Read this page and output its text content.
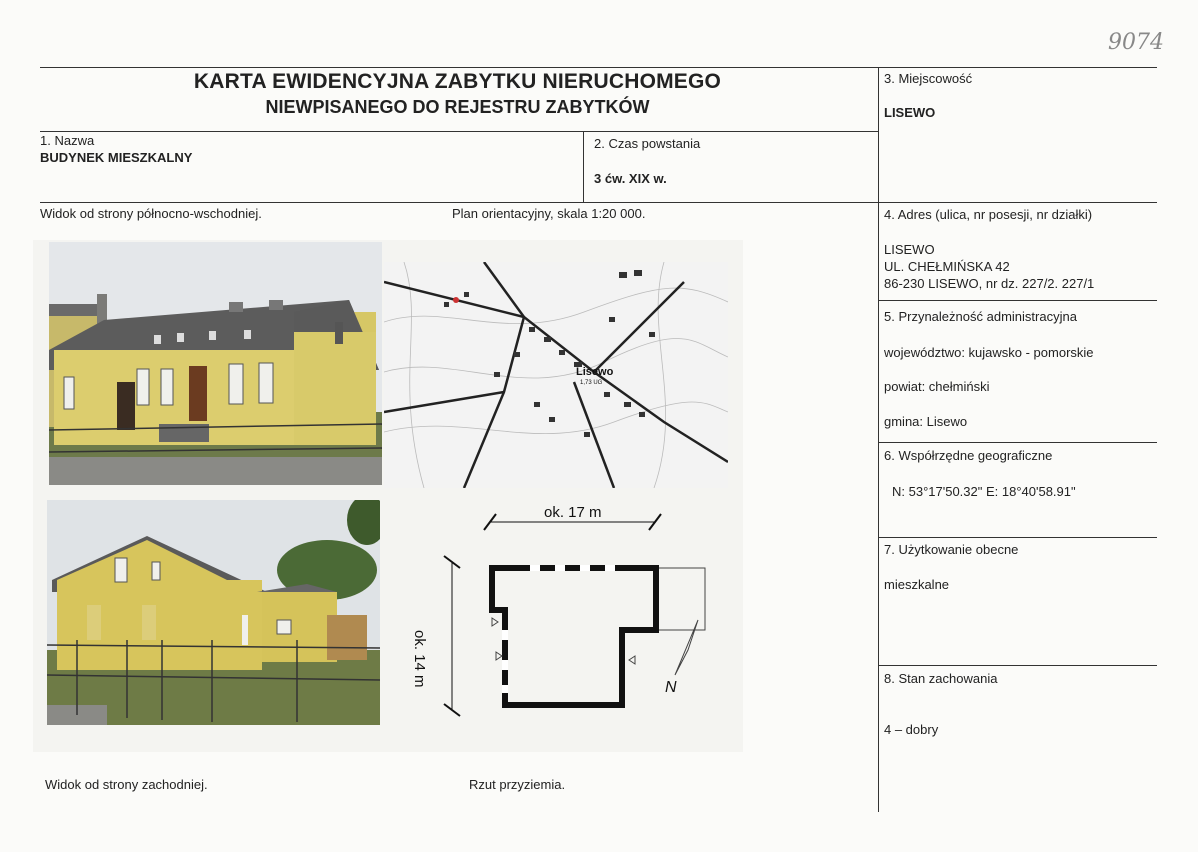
9074
KARTA EWIDENCYJNA ZABYTKU NIERUCHOMEGO
NIEWPISANEGO DO REJESTRU ZABYTKÓW
1. Nazwa
BUDYNEK MIESZKALNY
2. Czas powstania
3 ćw. XIX w.
3. Miejscowość
LISEWO
4. Adres (ulica, nr posesji, nr działki)
LISEWO
UL. CHEŁMIŃSKA 42
86-230 LISEWO, nr dz. 227/2. 227/1
5. Przynależność administracyjna
województwo: kujawsko - pomorskie
powiat: chełmiński
gmina: Lisewo
6. Współrzędne geograficzne
N: 53°17'50.32" E: 18°40'58.91"
7. Użytkowanie obecne
mieszkalne
8. Stan zachowania
4 – dobry
Widok od strony północno-wschodniej.	Plan orientacyjny, skala 1:20 000.
Widok od strony zachodniej.	Rzut przyziemia.
Lisewo
1,73 UG
N
ok. 17 m
ok. 14 m
